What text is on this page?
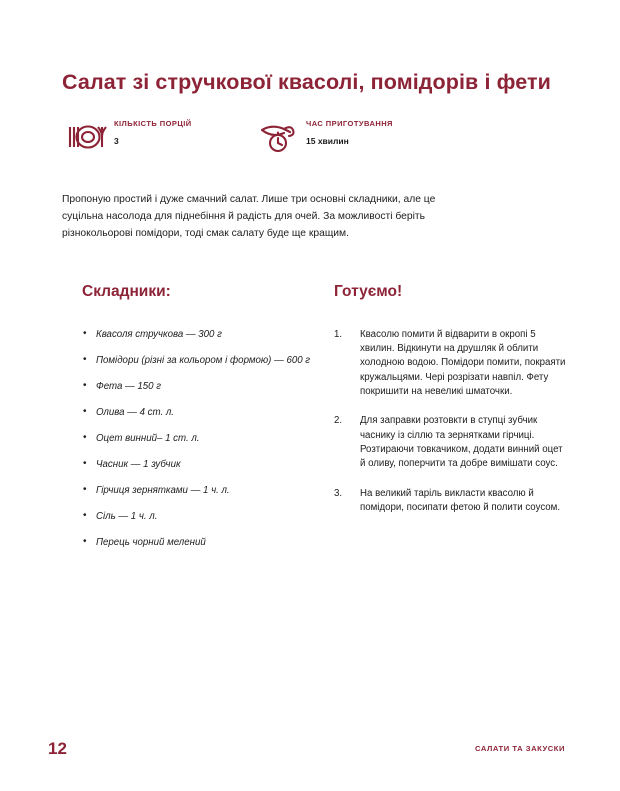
Салат зі стручкової квасолі, помідорів і фети
КІЛЬКІСТЬ ПОРЦІЙ
3
ЧАС ПРИГОТУВАННЯ
15 хвилин

Пропоную простий і дуже смачний салат. Лише три основні складники, але це суцільна насолода для піднебіння й радість для очей. За можливості беріть різнокольорові помідори, тоді смак салату буде ще кращим.

Складники:
• Квасоля стручкова — 300 г
• Помідори (різні за кольором і формою) — 600 г
• Фета — 150 г
• Олива — 4 ст. л.
• Оцет винний– 1 ст. л.
• Часник — 1 зубчик
• Гірчиця зернятками — 1 ч. л.
• Сіль — 1 ч. л.
• Перець чорний мелений
Готуємо!
Квасолю помити й відварити в окропі 5 хвилин. Відкинути на друшляк й облити холодною водою. Помідори помити, покраяти кружальцями. Чері розрізати навпіл. Фету покришити на невеликі шматочки.
Для заправки розтовкти в ступці зубчик часнику із сіллю та зернятками гірчиці. Розтираючи товкачиком, додати винний оцет й оливу, поперчити та добре вимішати соус.
На великий таріль викласти квасолю й помідори, посипати фетою й полити соусом.
12	САЛАТИ ТА ЗАКУСКИ
